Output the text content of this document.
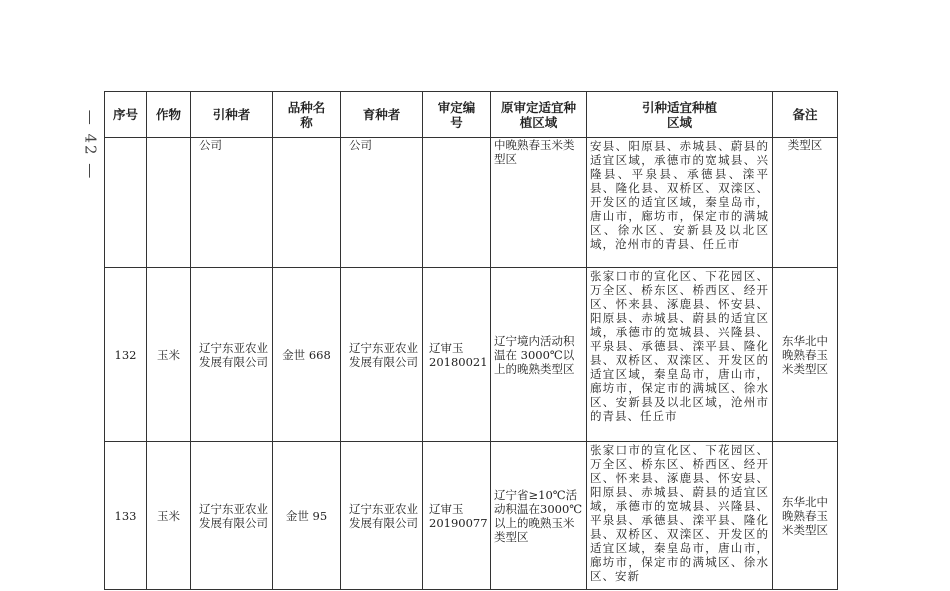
— 42 — 序号	作物	引种者	品种名称	育种者	审定编号	原审定适宜种植区域	引种适宜种植区域	备注
		公司		公司		中晚熟春玉米类型区	安县、阳原县、赤城县、蔚县的适宜区域，承德市的宽城县、兴隆县、平泉县、承德县、滦平县、隆化县、双桥区、双滦区、开发区的适宜区域，秦皇岛市，唐山市，廊坊市，保定市的满城区、徐水区、安新县及以北区域，沧州市的青县、任丘市	类型区
132	玉米	辽宁东亚农业发展有限公司	金世 668	辽宁东亚农业发展有限公司	辽审玉20180021	辽宁境内活动积温在 3000℃以上的晚熟类型区	张家口市的宣化区、下花园区、万全区、桥东区、桥西区、经开区、怀来县、涿鹿县、怀安县、阳原县、赤城县、蔚县的适宜区域，承德市的宽城县、兴隆县、平泉县、承德县、滦平县、隆化县、双桥区、双滦区、开发区的适宜区域，秦皇岛市，唐山市，廊坊市，保定市的满城区、徐水区、安新县及以北区域，沧州市的青县、任丘市	东华北中晚熟春玉米类型区
133	玉米	辽宁东亚农业发展有限公司	金世 95	辽宁东亚农业发展有限公司	辽审玉20190077	辽宁省≥10℃活动积温在3000℃以上的晚熟玉米类型区	张家口市的宣化区、下花园区、万全区、桥东区、桥西区、经开区、怀来县、涿鹿县、怀安县、阳原县、赤城县、蔚县的适宜区域，承德市的宽城县、兴隆县、平泉县、承德县、滦平县、隆化县、双桥区、双滦区、开发区的适宜区域，秦皇岛市，唐山市，廊坊市，保定市的满城区、徐水区、安新	东华北中晚熟春玉米类型区
